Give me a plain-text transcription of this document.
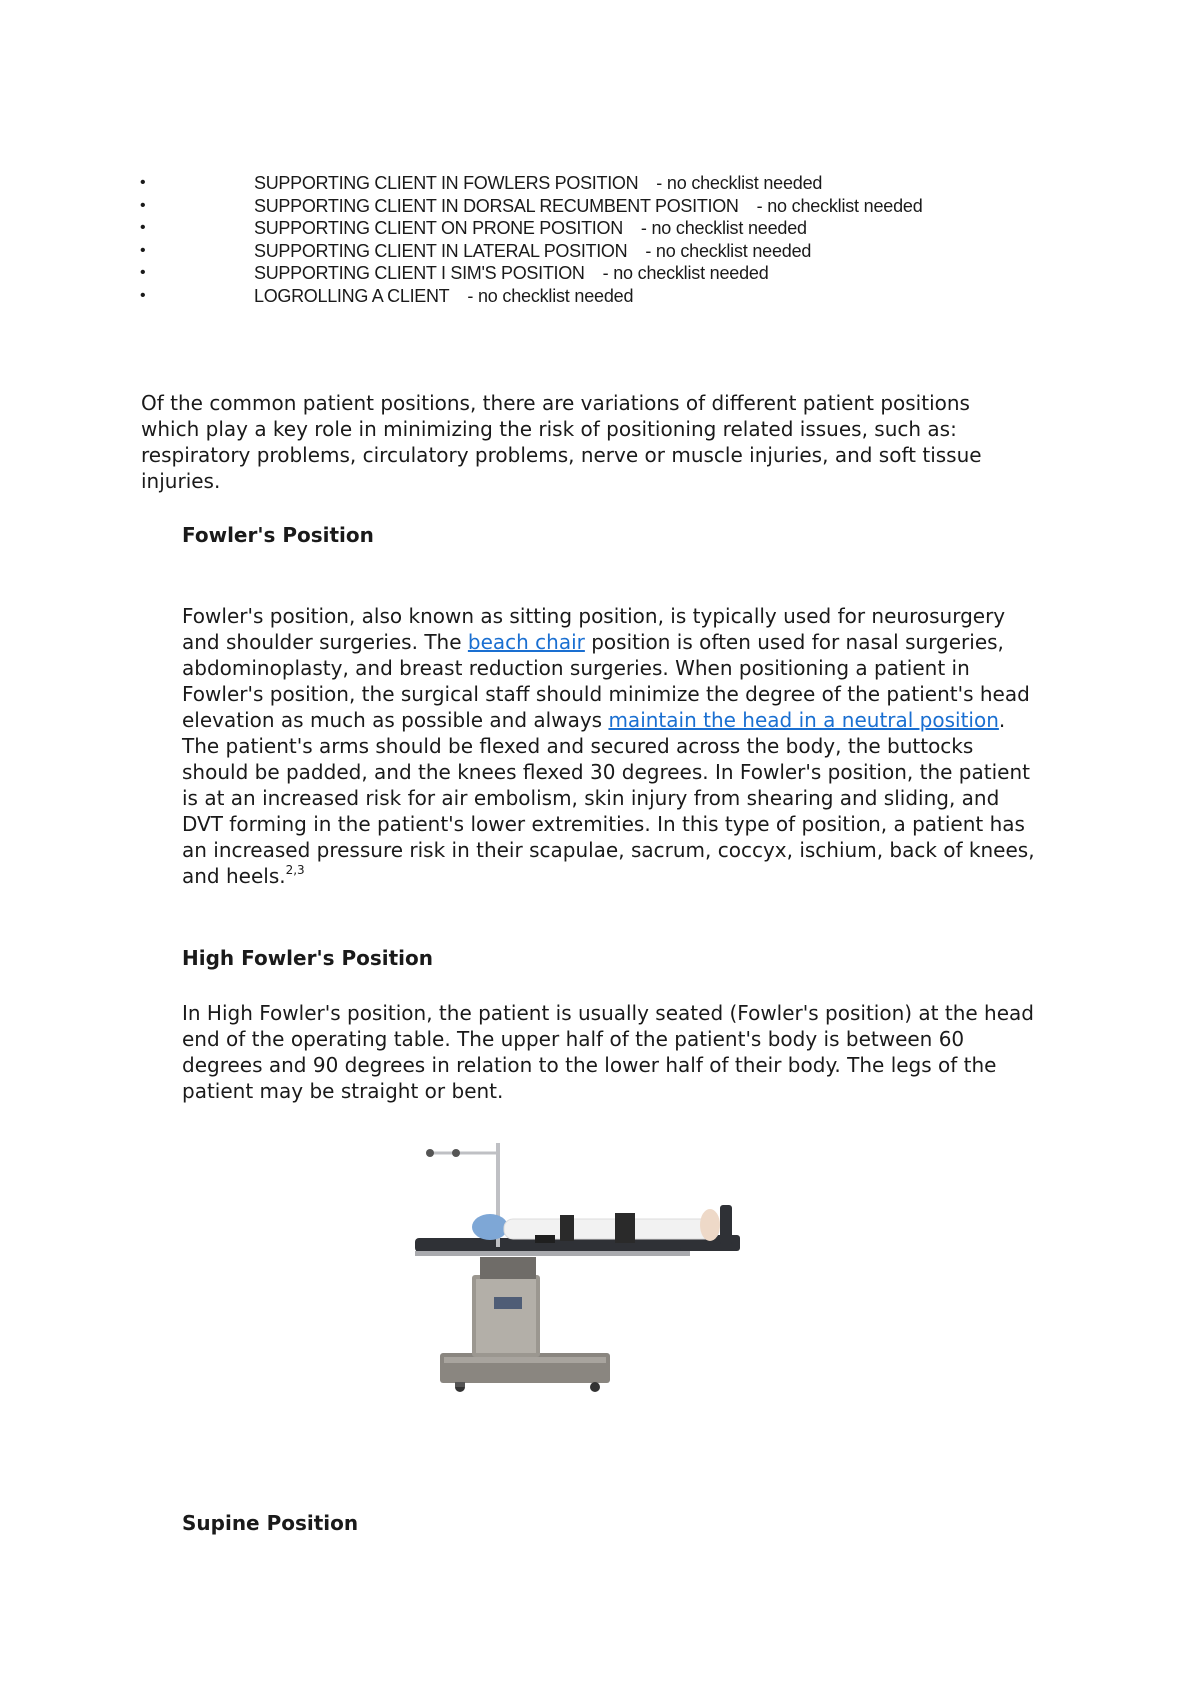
•	SUPPORTING CLIENT IN FOWLERS POSITION - no checklist needed
•	SUPPORTING CLIENT IN DORSAL RECUMBENT POSITION - no checklist needed
•	SUPPORTING CLIENT ON PRONE POSITION - no checklist needed
•	SUPPORTING CLIENT IN LATERAL POSITION - no checklist needed
•	SUPPORTING CLIENT I SIM'S POSITION - no checklist needed
•	LOGROLLING A CLIENT - no checklist needed

Of the common patient positions, there are variations of different patient positions which play a key role in minimizing the risk of positioning related issues, such as: respiratory problems, circulatory problems, nerve or muscle injuries, and soft tissue injuries.

Fowler's Position

Fowler's position, also known as sitting position, is typically used for neurosurgery and shoulder surgeries. The beach chair position is often used for nasal surgeries, abdominoplasty, and breast reduction surgeries. When positioning a patient in Fowler's position, the surgical staff should minimize the degree of the patient's head elevation as much as possible and always maintain the head in a neutral position. The patient's arms should be flexed and secured across the body, the buttocks should be padded, and the knees flexed 30 degrees. In Fowler's position, the patient is at an increased risk for air embolism, skin injury from shearing and sliding, and DVT forming in the patient's lower extremities. In this type of position, a patient has an increased pressure risk in their scapulae, sacrum, coccyx, ischium, back of knees, and heels.$^{2,3}$

High Fowler's Position

In High Fowler's position, the patient is usually seated (Fowler's position) at the head end of the operating table. The upper half of the patient's body is between 60 degrees and 90 degrees in relation to the lower half of their body. The legs of the patient may be straight or bent.

Supine Position
